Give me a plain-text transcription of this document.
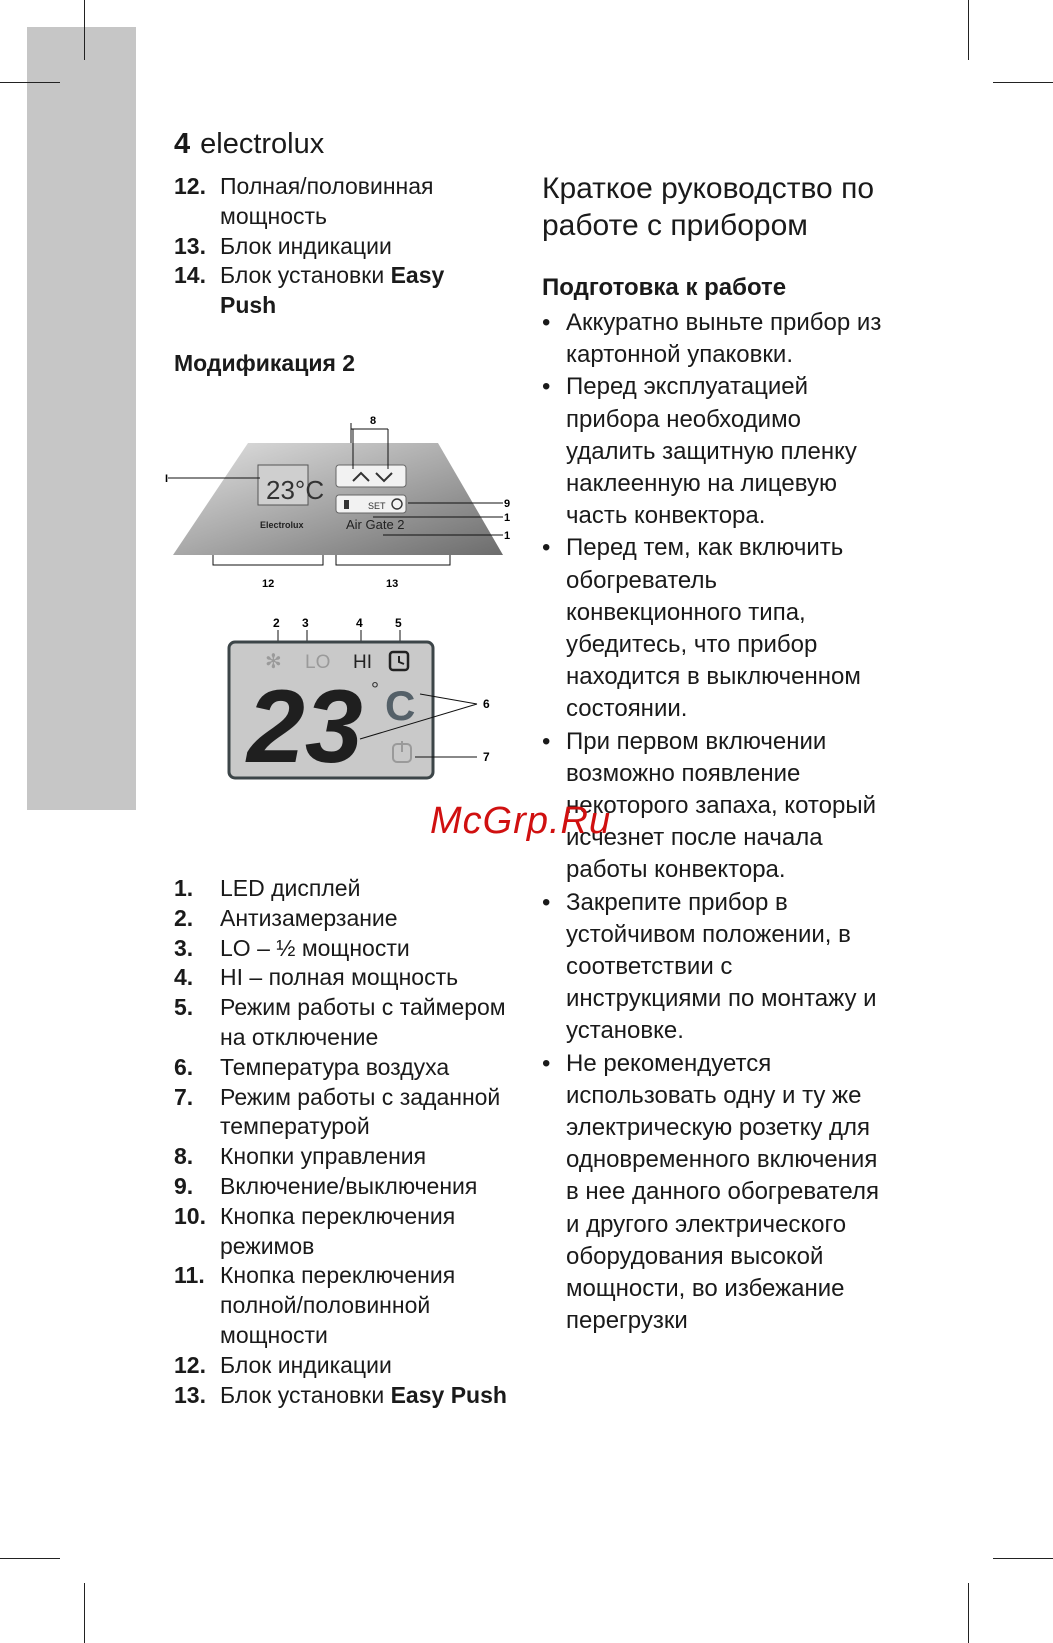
4 electrolux
12. Полная/половинная мощность
13. Блок индикации
14. Блок установки Easy Push
Модификация 2
23°C
SET
Electrolux	Air Gate 2
I
8
9
1
1
12	13
2 3	4	5
✻ LO HI
23 ° C	6
7
1. LED дисплей
2. Антизамерзание
3. LO – ½ мощности
4. HI – полная мощность
5. Режим работы с таймером на отключение
6. Температура воздуха
7. Режим работы с заданной температурой
8. Кнопки управления
9. Включение/выключения
10. Кнопка переключения режимов
11. Кнопка переключения полной/половинной мощности
12. Блок индикации
13. Блок установки Easy Push
Краткое руководство по работе с прибором
Подготовка к работе
• Аккуратно выньте прибор из картонной упаковки.
• Перед эксплуатацией прибора необходимо удалить защитную пленку наклеенную на лицевую часть конвектора.
• Перед тем, как включить обогреватель конвекционного типа, убедитесь, что прибор находится в выключенном состоянии.
• При первом включении возможно появление некоторого запаха, который исчезнет после начала работы конвектора.
• Закрепите прибор в устойчивом положении, в соответствии с инструкциями по монтажу и установке.
• Не рекомендуется использовать одну и ту же электрическую розетку для одновременного включения в нее данного обогревателя и другого электрического оборудования высокой мощности, во избежание перегрузки
McGrp.Ru
